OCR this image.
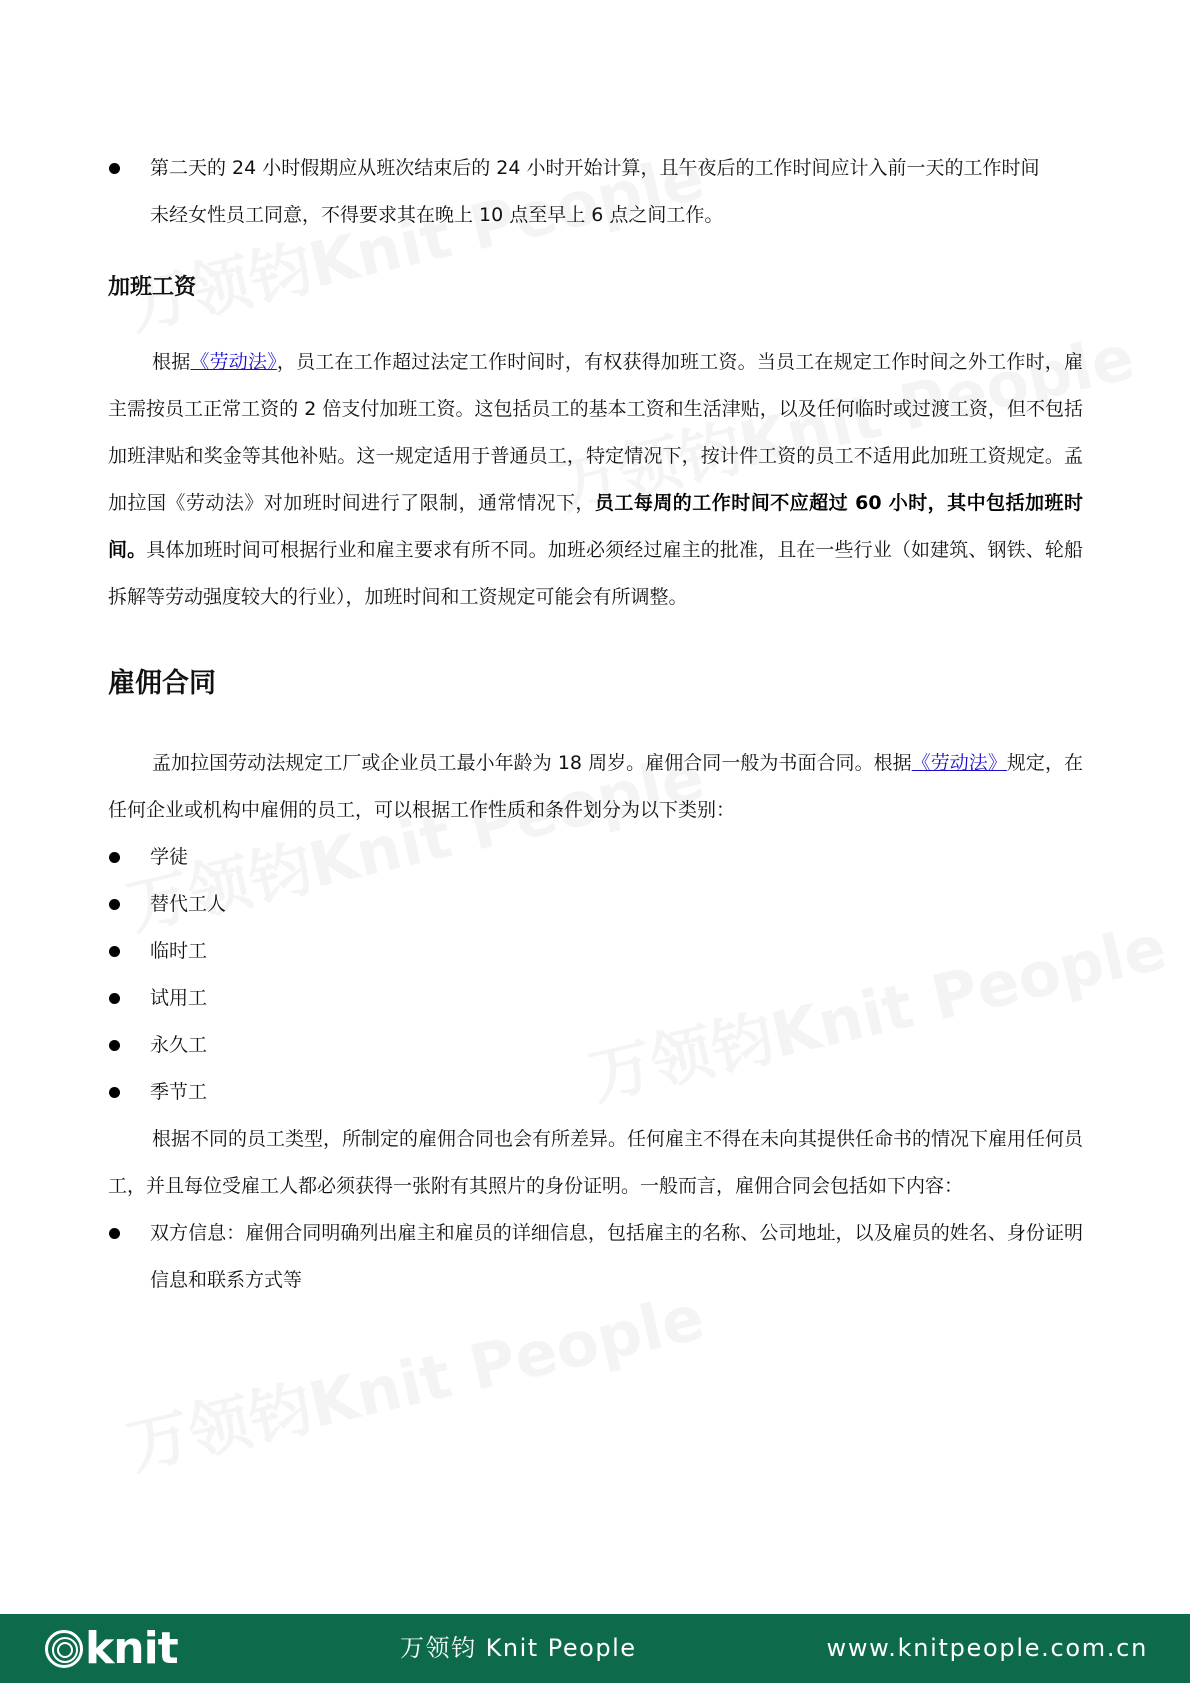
第二天的 24 小时假期应从班次结束后的 24 小时开始计算，且午夜后的工作时间应计入前一天的工作时间

未经女性员工同意，不得要求其在晚上 10 点至早上 6 点之间工作。

加班工资

根据《劳动法》，员工在工作超过法定工作时间时，有权获得加班工资。当员工在规定工作时间之外工作时，雇主需按员工正常工资的 2 倍支付加班工资。这包括员工的基本工资和生活津贴，以及任何临时或过渡工资，但不包括加班津贴和奖金等其他补贴。这一规定适用于普通员工，特定情况下，按计件工资的员工不适用此加班工资规定。孟加拉国《劳动法》对加班时间进行了限制，通常情况下，员工每周的工作时间不应超过 60 小时，其中包括加班时间。具体加班时间可根据行业和雇主要求有所不同。加班必须经过雇主的批准，且在一些行业（如建筑、钢铁、轮船拆解等劳动强度较大的行业），加班时间和工资规定可能会有所调整。

雇佣合同

孟加拉国劳动法规定工厂或企业员工最小年龄为 18 周岁。雇佣合同一般为书面合同。根据《劳动法》规定，在任何企业或机构中雇佣的员工，可以根据工作性质和条件划分为以下类别：

学徒

替代工人

临时工

试用工

永久工

季节工

根据不同的员工类型，所制定的雇佣合同也会有所差异。任何雇主不得在未向其提供任命书的情况下雇用任何员工，并且每位受雇工人都必须获得一张附有其照片的身份证明。一般而言，雇佣合同会包括如下内容：

双方信息：雇佣合同明确列出雇主和雇员的详细信息，包括雇主的名称、公司地址，以及雇员的姓名、身份证明信息和联系方式等

knit	万领钧 Knit People	www.knitpeople.com.cn
